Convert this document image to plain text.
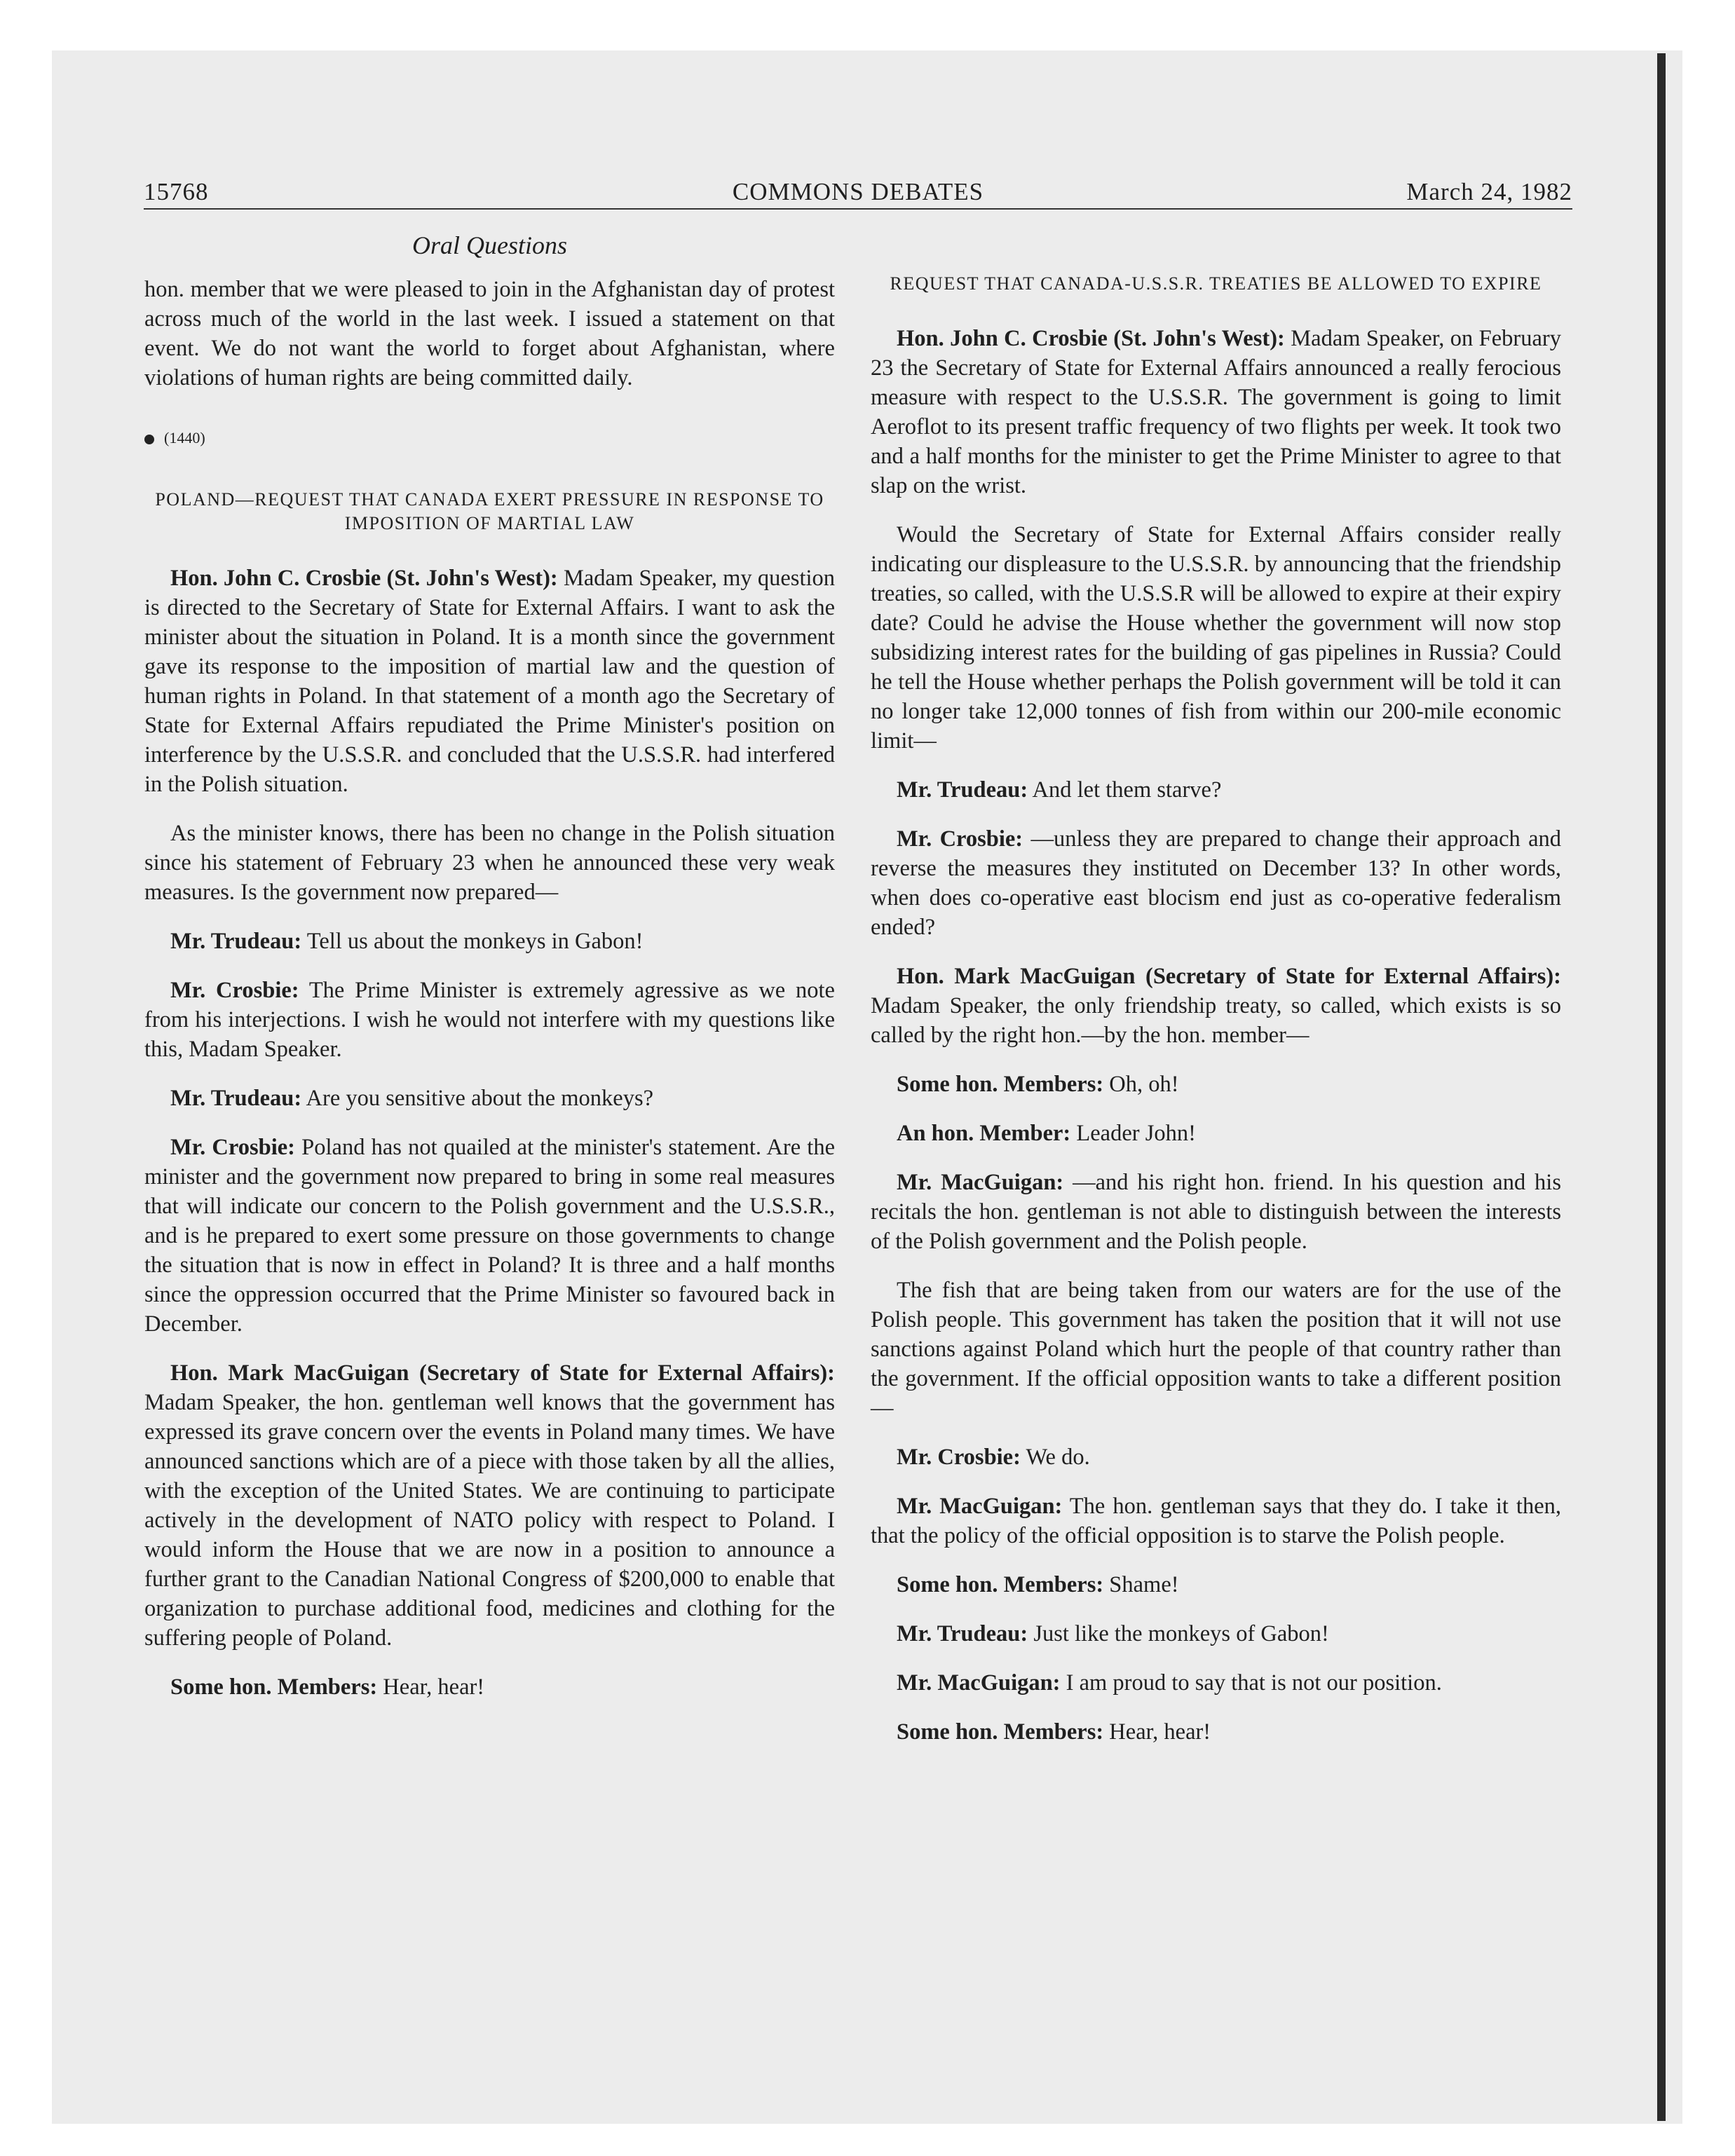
15768	COMMONS DEBATES	March 24, 1982
Oral Questions

hon. member that we were pleased to join in the Afghanistan day of protest across much of the world in the last week. I issued a statement on that event. We do not want the world to forget about Afghanistan, where violations of human rights are being committed daily.

(1440)
POLAND—REQUEST THAT CANADA EXERT PRESSURE IN RESPONSE TO IMPOSITION OF MARTIAL LAW

Hon. John C. Crosbie (St. John's West): Madam Speaker, my question is directed to the Secretary of State for External Affairs. I want to ask the minister about the situation in Poland. It is a month since the government gave its response to the imposition of martial law and the question of human rights in Poland. In that statement of a month ago the Secretary of State for External Affairs repudiated the Prime Minister's position on interference by the U.S.S.R. and concluded that the U.S.S.R. had interfered in the Polish situation.

As the minister knows, there has been no change in the Polish situation since his statement of February 23 when he announced these very weak measures. Is the government now prepared—

Mr. Trudeau: Tell us about the monkeys in Gabon!

Mr. Crosbie: The Prime Minister is extremely agressive as we note from his interjections. I wish he would not interfere with my questions like this, Madam Speaker.

Mr. Trudeau: Are you sensitive about the monkeys?

Mr. Crosbie: Poland has not quailed at the minister's statement. Are the minister and the government now prepared to bring in some real measures that will indicate our concern to the Polish government and the U.S.S.R., and is he prepared to exert some pressure on those governments to change the situation that is now in effect in Poland? It is three and a half months since the oppression occurred that the Prime Minister so favoured back in December.

Hon. Mark MacGuigan (Secretary of State for External Affairs): Madam Speaker, the hon. gentleman well knows that the government has expressed its grave concern over the events in Poland many times. We have announced sanctions which are of a piece with those taken by all the allies, with the exception of the United States. We are continuing to participate actively in the development of NATO policy with respect to Poland. I would inform the House that we are now in a position to announce a further grant to the Canadian National Congress of $200,000 to enable that organization to purchase additional food, medicines and clothing for the suffering people of Poland.

Some hon. Members: Hear, hear!

REQUEST THAT CANADA-U.S.S.R. TREATIES BE ALLOWED TO EXPIRE

Hon. John C. Crosbie (St. John's West): Madam Speaker, on February 23 the Secretary of State for External Affairs announced a really ferocious measure with respect to the U.S.S.R. The government is going to limit Aeroflot to its present traffic frequency of two flights per week. It took two and a half months for the minister to get the Prime Minister to agree to that slap on the wrist.

Would the Secretary of State for External Affairs consider really indicating our displeasure to the U.S.S.R. by announcing that the friendship treaties, so called, with the U.S.S.R will be allowed to expire at their expiry date? Could he advise the House whether the government will now stop subsidizing interest rates for the building of gas pipelines in Russia? Could he tell the House whether perhaps the Polish government will be told it can no longer take 12,000 tonnes of fish from within our 200-mile economic limit—

Mr. Trudeau: And let them starve?

Mr. Crosbie: —unless they are prepared to change their approach and reverse the measures they instituted on December 13? In other words, when does co-operative east blocism end just as co-operative federalism ended?

Hon. Mark MacGuigan (Secretary of State for External Affairs): Madam Speaker, the only friendship treaty, so called, which exists is so called by the right hon.—by the hon. member—

Some hon. Members: Oh, oh!

An hon. Member: Leader John!

Mr. MacGuigan: —and his right hon. friend. In his question and his recitals the hon. gentleman is not able to distinguish between the interests of the Polish government and the Polish people.

The fish that are being taken from our waters are for the use of the Polish people. This government has taken the position that it will not use sanctions against Poland which hurt the people of that country rather than the government. If the official opposition wants to take a different position—

Mr. Crosbie: We do.

Mr. MacGuigan: The hon. gentleman says that they do. I take it then, that the policy of the official opposition is to starve the Polish people.

Some hon. Members: Shame!

Mr. Trudeau: Just like the monkeys of Gabon!

Mr. MacGuigan: I am proud to say that is not our position.

Some hon. Members: Hear, hear!
